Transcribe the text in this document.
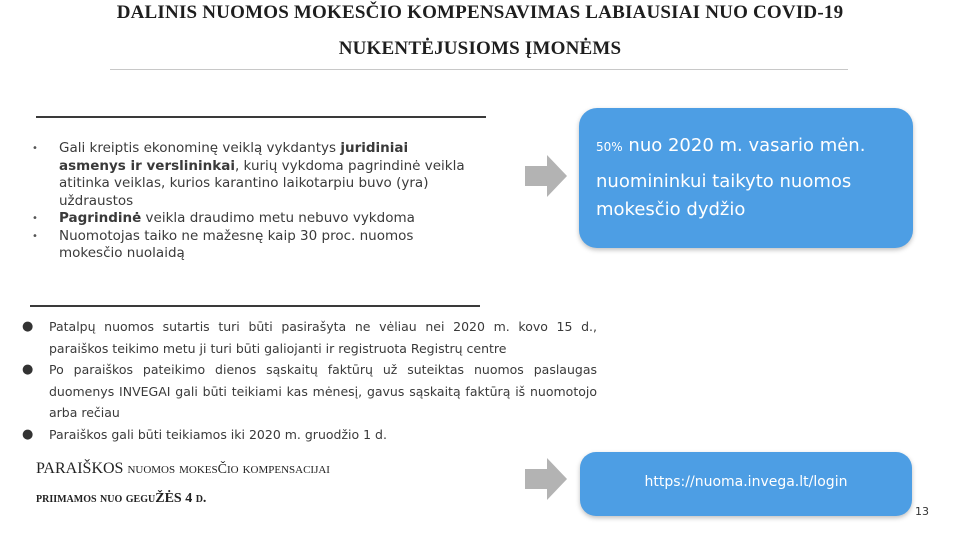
DALINIS NUOMOS MOKESČIO KOMPENSAVIMAS LABIAUSIAI NUO COVID-19
NUKENTĖJUSIOMS ĮMONĖMS
• Gali kreiptis ekonominę veiklą vykdantys juridiniai asmenys ir verslininkai, kurių vykdoma pagrindinė veikla atitinka veiklas, kurios karantino laikotarpiu buvo (yra) uždraustos
• Pagrindinė veikla draudimo metu nebuvo vykdoma
• Nuomotojas taiko ne mažesnę kaip 30 proc. nuomos mokesčio nuolaidą
● Patalpų nuomos sutartis turi būti pasirašyta ne vėliau nei 2020 m. kovo 15 d., paraiškos teikimo metu ji turi būti galiojanti ir registruota Registrų centre
● Po paraiškos pateikimo dienos sąskaitų faktūrų už suteiktas nuomos paslaugas duomenys INVEGAI gali būti teikiami kas mėnesį, gavus sąskaitą faktūrą iš nuomotojo arba rečiau
● Paraiškos gali būti teikiamos iki 2020 m. gruodžio 1 d.
50% nuo 2020 m. vasario mėn.
nuomininkui taikyto nuomos mokesčio dydžio
PARAIŠKOS nuomos mokesčio kompensacijai
priimamos nuo gegužės 4 d.
https://nuoma.invega.lt/login
13
